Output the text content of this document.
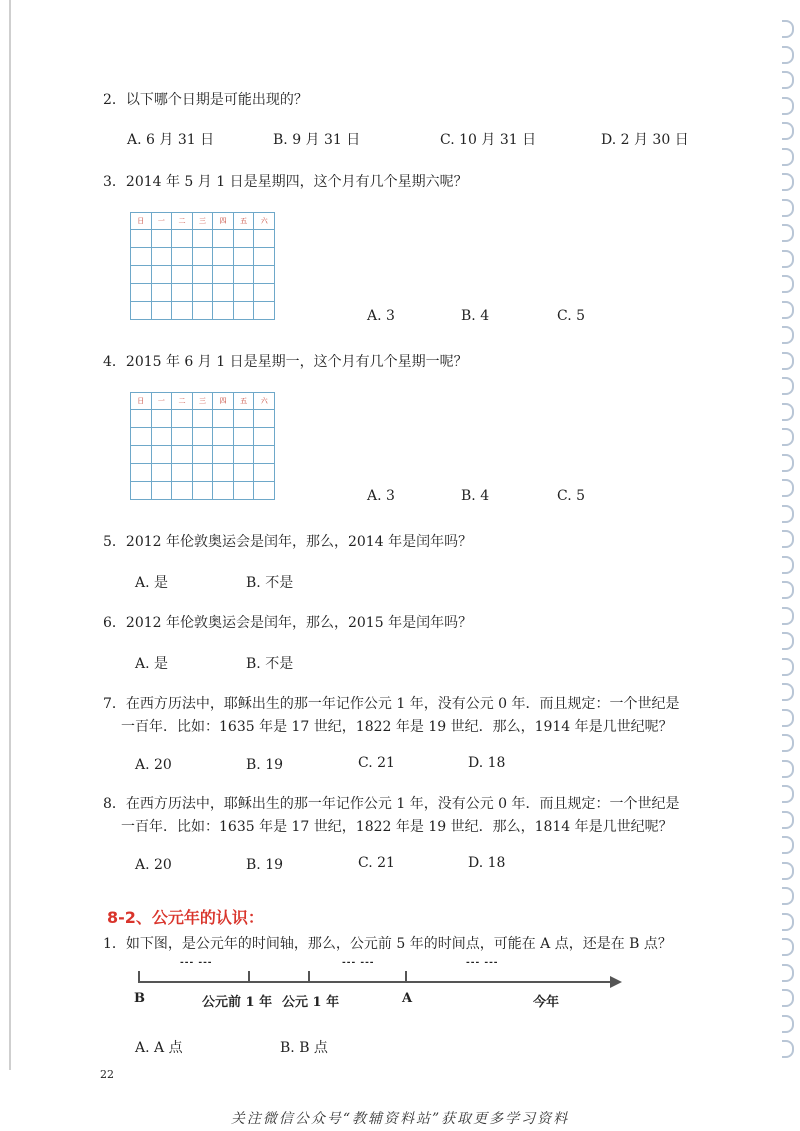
2．以下哪个日期是可能出现的？
A. 6 月 31 日	B. 9 月 31 日	C. 10 月 31 日	D. 2 月 30 日
3．2014 年 5 月 1 日是星期四，这个月有几个星期六呢？
日	一	二	三	四	五	六
A. 3	B. 4	C. 5
4．2015 年 6 月 1 日是星期一，这个月有几个星期一呢？
日	一	二	三	四	五	六
A. 3	B. 4	C. 5
5．2012 年伦敦奥运会是闰年，那么，2014 年是闰年吗？
A. 是	B. 不是
6．2012 年伦敦奥运会是闰年，那么，2015 年是闰年吗？
A. 是	B. 不是
7．在西方历法中，耶稣出生的那一年记作公元 1 年，没有公元 0 年．而且规定：一个世纪是
一百年．比如：1635 年是 17 世纪，1822 年是 19 世纪．那么，1914 年是几世纪呢？
A. 20	B. 19	C. 21	D. 18
8．在西方历法中，耶稣出生的那一年记作公元 1 年，没有公元 0 年．而且规定：一个世纪是
一百年．比如：1635 年是 17 世纪，1822 年是 19 世纪．那么，1814 年是几世纪呢？
A. 20	B. 19	C. 21	D. 18
8-2、公元年的认识：
1．如下图，是公元年的时间轴，那么，公元前 5 年的时间点，可能在 A 点，还是在 B 点？
--- ---	--- ---	--- ---
B	公元前 1 年 公元 1 年	A	今年
A. A 点	B. B 点
22
关注微信公众号“教辅资料站”获取更多学习资料
